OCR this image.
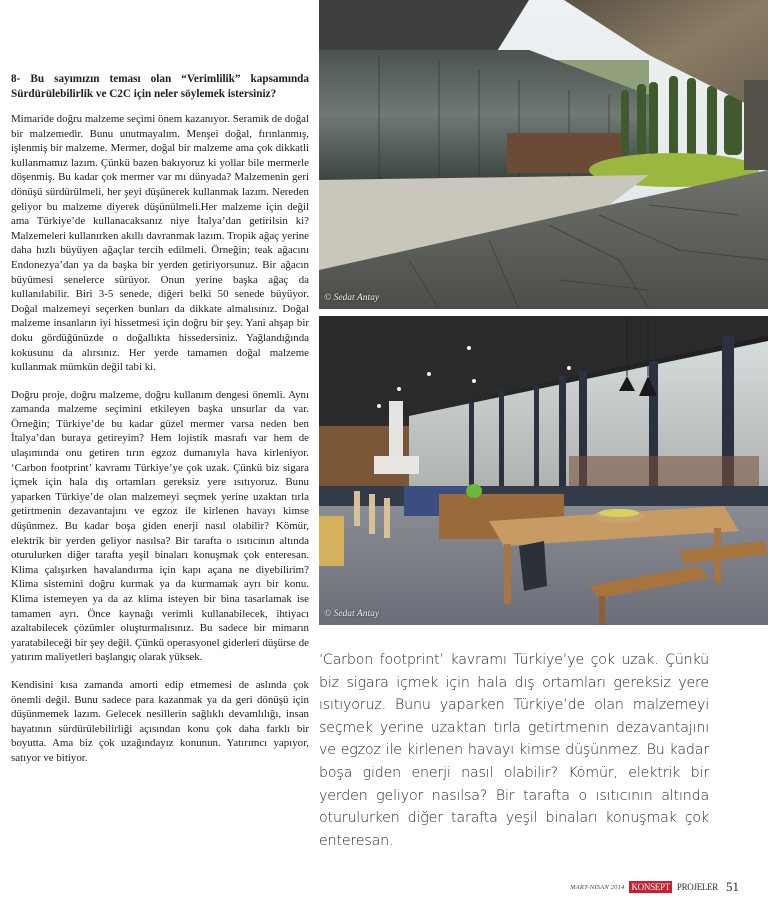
8- Bu sayımızın teması olan “Verimlilik” kapsamında Sürdürülebilirlik ve C2C için neler söylemek istersiniz?

Mimaride doğru malzeme seçimi önem kazanıyor. Seramik de doğal bir malzemedir. Bunu unutmayalım. Menşei doğal, fırınlanmış, işlenmiş bir malzeme. Mermer, doğal bir malzeme ama çok dikkatli kullanmamız lazım. Çünkü bazen bakıyoruz ki yollar bile mermerle döşenmiş. Bu kadar çok mermer var mı dünyada? Malzemenin geri dönüşü sürdürülmeli, her şeyi düşünerek kullanmak lazım. Nereden geliyor bu malzeme diyerek düşünülmeli.Her malzeme için değil ama Türkiye’de kullanacaksanız niye İtalya’dan getirilsin ki? Malzemeleri kullanırken akıllı davranmak lazım. Tropik ağaç yerine daha hızlı büyüyen ağaçlar tercih edilmeli. Örneğin; teak ağacını Endonezya’dan ya da başka bir yerden getiriyorsunuz. Bir ağacın büyümesi senelerce sürüyor. Onun yerine başka ağaç da kullanılabilir. Biri 3-5 senede, diğeri belki 50 senede büyüyor. Doğal malzemeyi seçerken bunları da dikkate almalısınız. Doğal malzeme insanların iyi hissetmesi için doğru bir şey. Yani ahşap bir doku gördüğünüzde o doğallıkta hissedersiniz. Yağlandığında kokusunu da alırsınız. Her yerde tamamen doğal malzeme kullanmak mümkün değil tabi ki.

Doğru proje, doğru malzeme, doğru kullanım dengesi önemli. Aynı zamanda malzeme seçimini etkileyen başka unsurlar da var. Örneğin; Türkiye’de bu kadar güzel mermer varsa neden ben İtalya’dan buraya getireyim? Hem lojistik masrafı var hem de ulaşımında onu getiren tırın egzoz dumanıyla hava kirleniyor. ‘Carbon footprint’ kavramı Türkiye’ye çok uzak. Çünkü biz sigara içmek için hala dış ortamları gereksiz yere ısıtıyoruz. Bunu yaparken Türkiye’de olan malzemeyi seçmek yerine uzaktan tırla getirtmenin dezavantajını ve egzoz ile kirlenen havayı kimse düşünmez. Bu kadar boşa giden enerji nasıl olabilir? Kömür, elektrik bir yerden geliyor nasılsa? Bir tarafta o ısıtıcının altında oturulurken diğer tarafta yeşil binaları konuşmak çok enteresan. Klima çalışırken havalandırma için kapı açana ne diyebilirim? Klima sistemini doğru kurmak ya da kurmamak ayrı bir konu. Klima istemeyen ya da az klima isteyen bir bina tasarlamak ise tamamen ayrı. Önce kaynağı verimli kullanabilecek, ihtiyacı azaltabilecek çözümler oluşturmalısınız. Bu sadece bir mimarın yaratabileceği bir şey değil. Çünkü operasyonel giderleri düşürse de yatırım maliyetleri başlangıç olarak yüksek.

Kendisini kısa zamanda amorti edip etmemesi de aslında çok önemli değil. Bunu sadece para kazanmak ya da geri dönüşü için düşünmemek lazım. Gelecek nesillerin sağlıklı devamlılığı, insan hayatının sürdürülebilirliği açısından konu çok daha farklı bir boyutta. Ama biz çok uzağındayız konunun. Yatırımcı yapıyor, satıyor ve bitiyor.

© Sedat Antay
© Sedat Antay
‘Carbon footprint’ kavramı Türkiye’ye çok uzak. Çünkü biz sigara içmek için hala dış ortamları gereksiz yere ısıtıyoruz. Bunu yaparken Türkiye’de olan malzemeyi seçmek yerine uzaktan tırla getirtmenin dezavantajını ve egzoz ile kirlenen havayı kimse düşünmez. Bu kadar boşa giden enerji nasıl olabilir? Kömür, elektrik bir yerden geliyor nasılsa? Bir tarafta o ısıtıcının altında oturulurken diğer tarafta yeşil binaları konuşmak çok enteresan.
MART-NİSAN 2014 KONSEPT PROJELER 51
